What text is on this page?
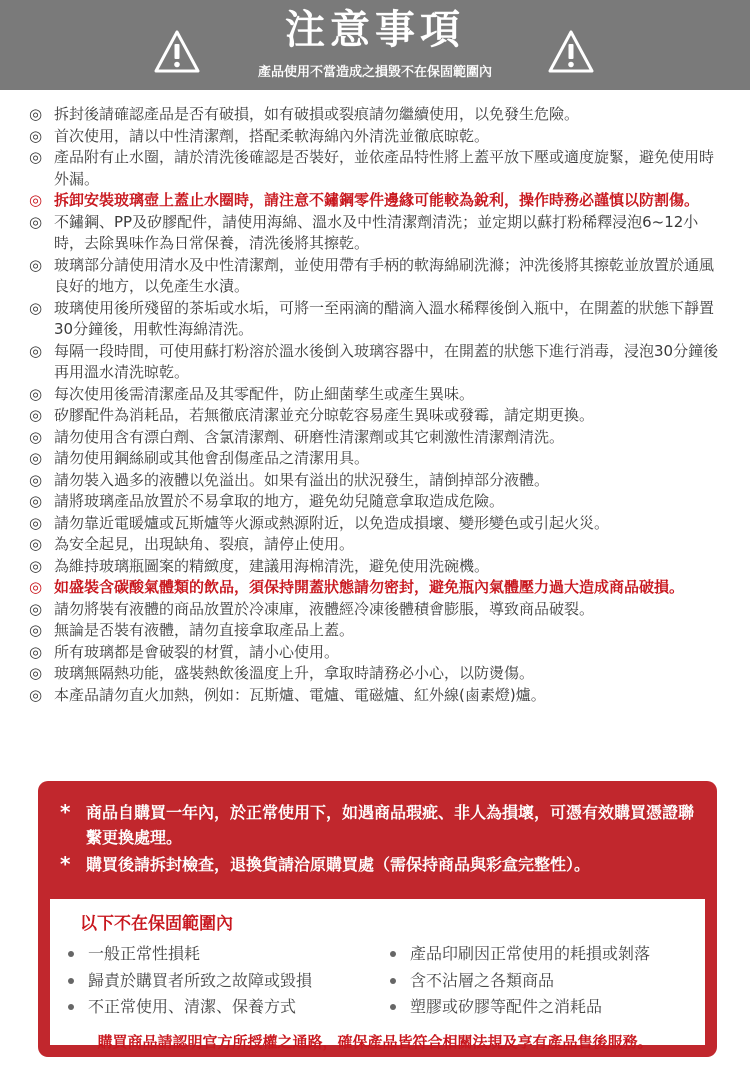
注意事項
產品使用不當造成之損毀不在保固範圍內
◎ 拆封後請確認產品是否有破損，如有破損或裂痕請勿繼續使用，以免發生危險。
◎ 首次使用，請以中性清潔劑，搭配柔軟海綿內外清洗並徹底晾乾。
◎ 產品附有止水圈，請於清洗後確認是否裝好，並依產品特性將上蓋平放下壓或適度旋緊，避免使用時外漏。
◎ 拆卸安裝玻璃壺上蓋止水圈時，請注意不鏽鋼零件邊緣可能較為銳利，操作時務必謹慎以防割傷。
◎ 不鏽鋼、PP及矽膠配件，請使用海綿、溫水及中性清潔劑清洗；並定期以蘇打粉稀釋浸泡6~12小時，去除異味作為日常保養，清洗後將其擦乾。
◎ 玻璃部分請使用清水及中性清潔劑，並使用帶有手柄的軟海綿刷洗滌；沖洗後將其擦乾並放置於通風良好的地方，以免產生水漬。
◎ 玻璃使用後所殘留的茶垢或水垢，可將一至兩滴的醋滴入溫水稀釋後倒入瓶中，在開蓋的狀態下靜置30分鐘後，用軟性海綿清洗。
◎ 每隔一段時間，可使用蘇打粉溶於溫水後倒入玻璃容器中，在開蓋的狀態下進行消毒，浸泡30分鐘後再用溫水清洗晾乾。
◎ 每次使用後需清潔產品及其零配件，防止細菌孳生或產生異味。
◎ 矽膠配件為消耗品，若無徹底清潔並充分晾乾容易產生異味或發霉，請定期更換。
◎ 請勿使用含有漂白劑、含氯清潔劑、研磨性清潔劑或其它刺激性清潔劑清洗。
◎ 請勿使用鋼絲刷或其他會刮傷產品之清潔用具。
◎ 請勿裝入過多的液體以免溢出。如果有溢出的狀況發生，請倒掉部分液體。
◎ 請將玻璃產品放置於不易拿取的地方，避免幼兒隨意拿取造成危險。
◎ 請勿靠近電暖爐或瓦斯爐等火源或熱源附近，以免造成損壞、變形變色或引起火災。
◎ 為安全起見，出現缺角、裂痕，請停止使用。
◎ 為維持玻璃瓶圖案的精緻度，建議用海棉清洗，避免使用洗碗機。
◎ 如盛裝含碳酸氣體類的飲品，須保持開蓋狀態請勿密封，避免瓶內氣體壓力過大造成商品破損。
◎ 請勿將裝有液體的商品放置於冷凍庫，液體經冷凍後體積會膨脹，導致商品破裂。
◎ 無論是否裝有液體，請勿直接拿取產品上蓋。
◎ 所有玻璃都是會破裂的材質，請小心使用。
◎ 玻璃無隔熱功能，盛裝熱飲後溫度上升，拿取時請務必小心，以防燙傷。
◎ 本產品請勿直火加熱，例如：瓦斯爐、電爐、電磁爐、紅外線(鹵素燈)爐。
* 商品自購買一年內，於正常使用下，如遇商品瑕疵、非人為損壞，可憑有效購買憑證聯繫更換處理。
* 購買後請拆封檢查，退換貨請洽原購買處（需保持商品與彩盒完整性）。
以下不在保固範圍內
一般正常性損耗
歸責於購買者所致之故障或毀損
不正常使用、清潔、保養方式
產品印刷因正常使用的耗損或剝落
含不沾層之各類商品
塑膠或矽膠等配件之消耗品
購買商品請認明官方所授權之通路，確保產品皆符合相關法規及享有產品售後服務。
